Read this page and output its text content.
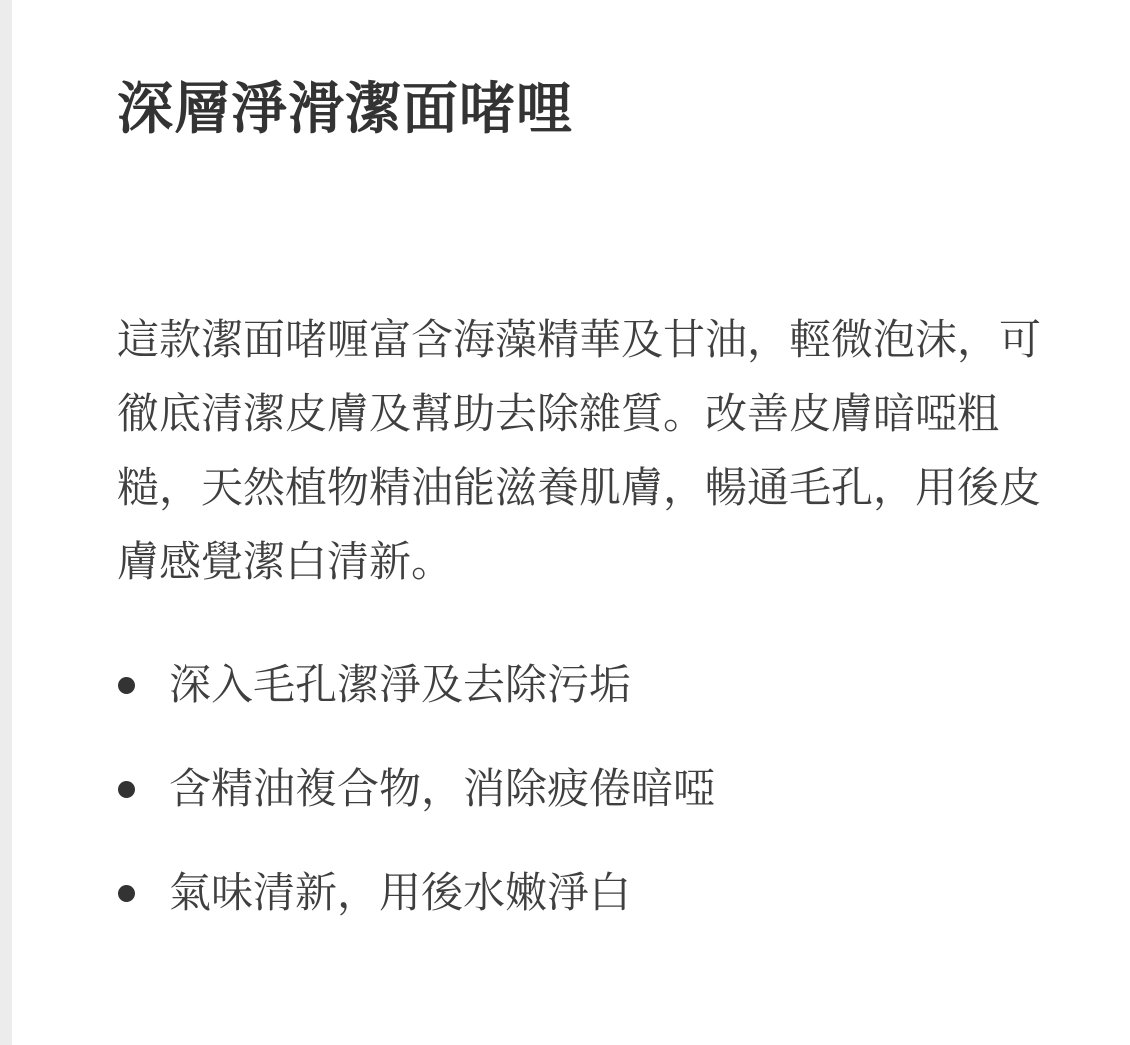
深層淨滑潔面啫哩

這款潔面啫喱富含海藻精華及甘油，輕微泡沫，可徹底清潔皮膚及幫助去除雜質。改善皮膚暗啞粗糙，天然植物精油能滋養肌膚，暢通毛孔，用後皮膚感覺潔白清新。

深入毛孔潔淨及去除污垢
含精油複合物，消除疲倦暗啞
氣味清新，用後水嫩淨白
